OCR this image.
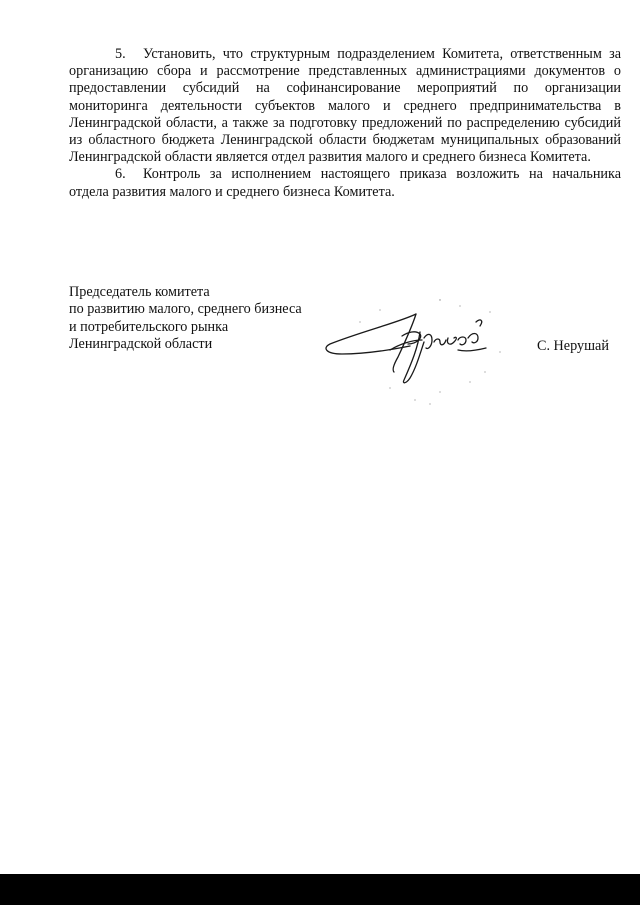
5. Установить, что структурным подразделением Комитета, ответственным за организацию сбора и рассмотрение представленных администрациями документов о предоставлении субсидий на софинансирование мероприятий по организации мониторинга деятельности субъектов малого и среднего предпринимательства в Ленинградской области, а также за подготовку предложений по распределению субсидий из областного бюджета Ленинградской области бюджетам муниципальных образований Ленинградской области является отдел развития малого и среднего бизнеса Комитета.

6. Контроль за исполнением настоящего приказа возложить на начальника отдела развития малого и среднего бизнеса Комитета.

Председатель комитета
по развитию малого, среднего бизнеса
и потребительского рынка
Ленинградской области	С. Нерушай
